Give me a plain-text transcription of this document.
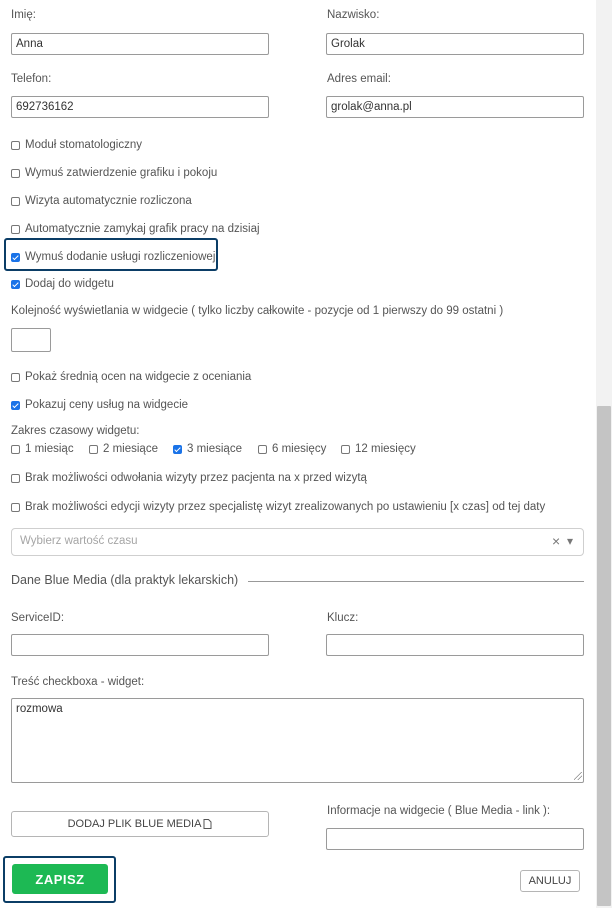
Imię:	Nazwisko:
Anna
Grolak
Telefon:	Adres email:
692736162
grolak@anna.pl
Moduł stomatologiczny
Wymuś zatwierdzenie grafiku i pokoju
Wizyta automatycznie rozliczona
Automatycznie zamykaj grafik pracy na dzisiaj
Wymuś dodanie usługi rozliczeniowej
Dodaj do widgetu
Kolejność wyświetlania w widgecie ( tylko liczby całkowite - pozycje od 1 pierwszy do 99 ostatni )
Pokaż średnią ocen na widgecie z oceniania
Pokazuj ceny usług na widgecie
Zakres czasowy widgetu:
1 miesiąc	2 miesiące	3 miesiące	6 miesięcy 12 miesięcy
Brak możliwości odwołania wizyty przez pacjenta na x przed wizytą
Brak możliwości edycji wizyty przez specjalistę wizyt zrealizowanych po ustawieniu [x czas] od tej daty
Wybierz wartość czasu	× ▾
Dane Blue Media (dla praktyk lekarskich)
ServiceID:	Klucz:
Treść checkboxa - widget:
rozmowa
DODAJ PLIK BLUE MEDIA
Informacje na widgecie ( Blue Media - link ):
ZAPISZ	ANULUJ
